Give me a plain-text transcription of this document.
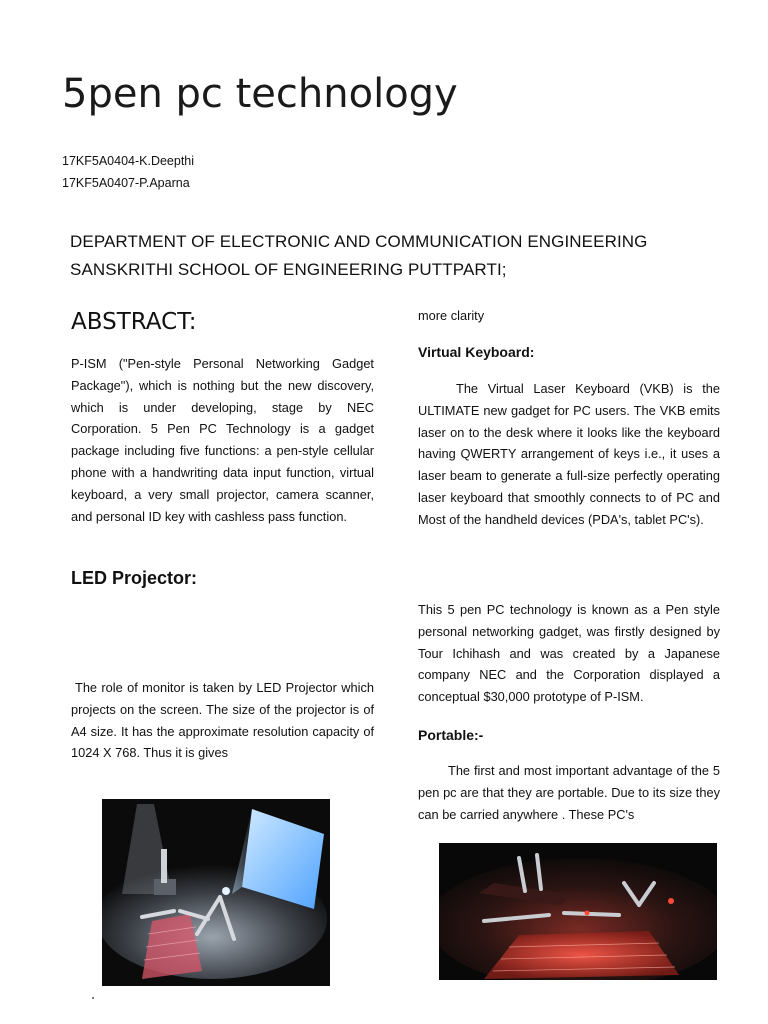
5pen pc technology
17KF5A0404-K.Deepthi
17KF5A0407-P.Aparna
DEPARTMENT OF ELECTRONIC AND COMMUNICATION ENGINEERING
SANSKRITHI SCHOOL OF ENGINEERING PUTTPARTI;
ABSTRACT:
P-ISM ("Pen-style Personal Networking Gadget Package"), which is nothing but the new discovery, which is under developing, stage by NEC Corporation. 5 Pen PC Technology is a gadget package including five functions: a pen-style cellular phone with a handwriting data input function, virtual keyboard, a very small projector, camera scanner, and personal ID key with cashless pass function.
LED Projector:
The role of monitor is taken by LED Projector which projects on the screen. The size of the projector is of A4 size. It has the approximate resolution capacity of 1024 X 768. Thus it is gives
more clarity
Virtual Keyboard:
The Virtual Laser Keyboard (VKB) is the ULTIMATE new gadget for PC users. The VKB emits laser on to the desk where it looks like the keyboard having QWERTY arrangement of keys i.e., it uses a laser beam to generate a full-size perfectly operating laser keyboard that smoothly connects to of PC and Most of the handheld devices (PDA's, tablet PC's).
This 5 pen PC technology is known as a Pen style personal networking gadget, was firstly designed by Tour Ichihash and was created by a Japanese company NEC and the Corporation displayed a conceptual $30,000 prototype of P-ISM.
Portable:-
The first and most important advantage of the 5 pen pc are that they are portable. Due to its size they can be carried anywhere . These PC's
